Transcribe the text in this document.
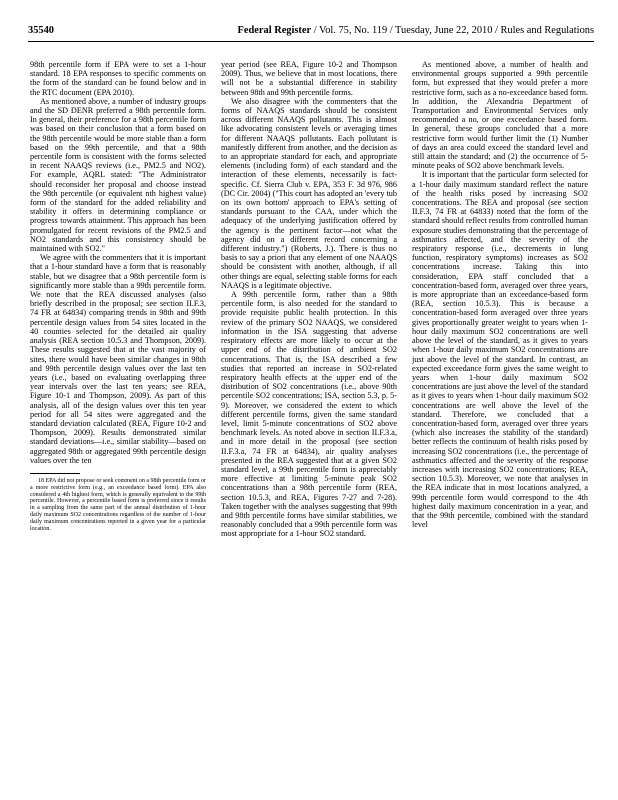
35540	Federal Register / Vol. 75, No. 119 / Tuesday, June 22, 2010 / Rules and Regulations

98th percentile form if EPA were to set a 1-hour standard. 18 EPA responses to specific comments on the form of the standard can be found below and in the RTC document (EPA 2010).

As mentioned above, a number of industry groups and the SD DENR preferred a 98th percentile form. In general, their preference for a 98th percentile form was based on their conclusion that a form based on the 98th percentile would be more stable than a form based on the 99th percentile, and that a 98th percentile form is consistent with the forms selected in recent NAAQS reviews (i.e., PM2.5 and NO2). For example, AQRL stated: "The Administrator should reconsider her proposal and choose instead the 98th percentile (or equivalent nth highest value) form of the standard for the added reliability and stability it offers in determining compliance or progress towards attainment. This approach has been promulgated for recent revisions of the PM2.5 and NO2 standards and this consistency should be maintained with SO2."

We agree with the commenters that it is important that a 1-hour standard have a form that is reasonably stable, but we disagree that a 98th percentile form is significantly more stable than a 99th percentile form. We note that the REA discussed analyses (also briefly described in the proposal; see section II.F.3, 74 FR at 64834) comparing trends in 98th and 99th percentile design values from 54 sites located in the 40 counties selected for the detailed air quality analysis (REA section 10.5.3 and Thompson, 2009). These results suggested that at the vast majority of sites, there would have been similar changes in 98th and 99th percentile design values over the last ten years (i.e., based on evaluating overlapping three year intervals over the last ten years; see REA, Figure 10-1 and Thompson, 2009). As part of this analysis, all of the design values over this ten year period for all 54 sites were aggregated and the standard deviation calculated (REA, Figure 10-2 and Thompson, 2009). Results demonstrated similar standard deviations—i.e., similar stability—based on aggregated 98th or aggregated 99th percentile design values over the ten

18 EPA did not propose or seek comment on a 98th percentile form or a more restrictive form (e.g., an exceedance based form). EPA also considered a 4th highest form, which is generally equivalent to the 99th percentile. However, a percentile based form is preferred since it results in a sampling from the same part of the annual distribution of 1-hour daily maximum SO2 concentrations regardless of the number of 1-hour daily maximum concentrations reported in a given year for a particular location.

year period (see REA, Figure 10-2 and Thompson 2009). Thus, we believe that in most locations, there will not be a substantial difference in stability between 98th and 99th percentile forms.

We also disagree with the commenters that the forms of NAAQS standards should be consistent across different NAAQS pollutants. This is almost like advocating consistent levels or averaging times for different NAAQS pollutants. Each pollutant is manifestly different from another, and the decision as to an appropriate standard for each, and appropriate elements (including form) of each standard and the interaction of these elements, necessarily is fact-specific. Cf. Sierra Club v. EPA, 353 F. 3d 976, 986 (DC Cir. 2004) ("This court has adopted an 'every tub on its own bottom' approach to EPA's setting of standards pursuant to the CAA, under which the adequacy of the underlying justification offered by the agency is the pertinent factor—not what the agency did on a different record concerning a different industry.") (Roberts, J.). There is thus no basis to say a priori that any element of one NAAQS should be consistent with another, although, if all other things are equal, selecting stable forms for each NAAQS is a legitimate objective.

A 99th percentile form, rather than a 98th percentile form, is also needed for the standard to provide requisite public health protection. In this review of the primary SO2 NAAQS, we considered information in the ISA suggesting that adverse respiratory effects are more likely to occur at the upper end of the distribution of ambient SO2 concentrations. That is, the ISA described a few studies that reported an increase in SO2-related respiratory health effects at the upper end of the distribution of SO2 concentrations (i.e., above 90th percentile SO2 concentrations; ISA, section 5.3, p. 5-9). Moreover, we considered the extent to which different percentile forms, given the same standard level, limit 5-minute concentrations of SO2 above benchmark levels. As noted above in section II.F.3.a, and in more detail in the proposal (see section II.F.3.a, 74 FR at 64834), air quality analyses presented in the REA suggested that at a given SO2 standard level, a 99th percentile form is appreciably more effective at limiting 5-minute peak SO2 concentrations than a 98th percentile form (REA, section 10.5.3, and REA, Figures 7-27 and 7-28). Taken together with the analyses suggesting that 99th and 98th percentile forms have similar stabilities, we reasonably concluded that a 99th percentile form was most appropriate for a 1-hour SO2 standard.

As mentioned above, a number of health and environmental groups supported a 99th percentile form, but expressed that they would prefer a more restrictive form, such as a no-exceedance based form. In addition, the Alexandria Department of Transportation and Environmental Services only recommended a no, or one exceedance based form. In general, these groups concluded that a more restrictive form would further limit the (1) Number of days an area could exceed the standard level and still attain the standard; and (2) the occurrence of 5-minute peaks of SO2 above benchmark levels.

It is important that the particular form selected for a 1-hour daily maximum standard reflect the nature of the health risks posed by increasing SO2 concentrations. The REA and proposal (see section II.F.3, 74 FR at 64833) noted that the form of the standard should reflect results from controlled human exposure studies demonstrating that the percentage of asthmatics affected, and the severity of the respiratory response (i.e., decrements in lung function, respiratory symptoms) increases as SO2 concentrations increase. Taking this into consideration, EPA staff concluded that a concentration-based form, averaged over three years, is more appropriate than an exceedance-based form (REA, section 10.5.3). This is because a concentration-based form averaged over three years gives proportionally greater weight to years when 1-hour daily maximum SO2 concentrations are well above the level of the standard, as it gives to years when 1-hour daily maximum SO2 concentrations are just above the level of the standard. In contrast, an expected exceedance form gives the same weight to years when 1-hour daily maximum SO2 concentrations are just above the level of the standard as it gives to years when 1-hour daily maximum SO2 concentrations are well above the level of the standard. Therefore, we concluded that a concentration-based form, averaged over three years (which also increases the stability of the standard) better reflects the continuum of health risks posed by increasing SO2 concentrations (i.e., the percentage of asthmatics affected and the severity of the response increases with increasing SO2 concentrations; REA, section 10.5.3). Moreover, we note that analyses in the REA indicate that in most locations analyzed, a 99th percentile form would correspond to the 4th highest daily maximum concentration in a year, and that the 99th percentile, combined with the standard level
